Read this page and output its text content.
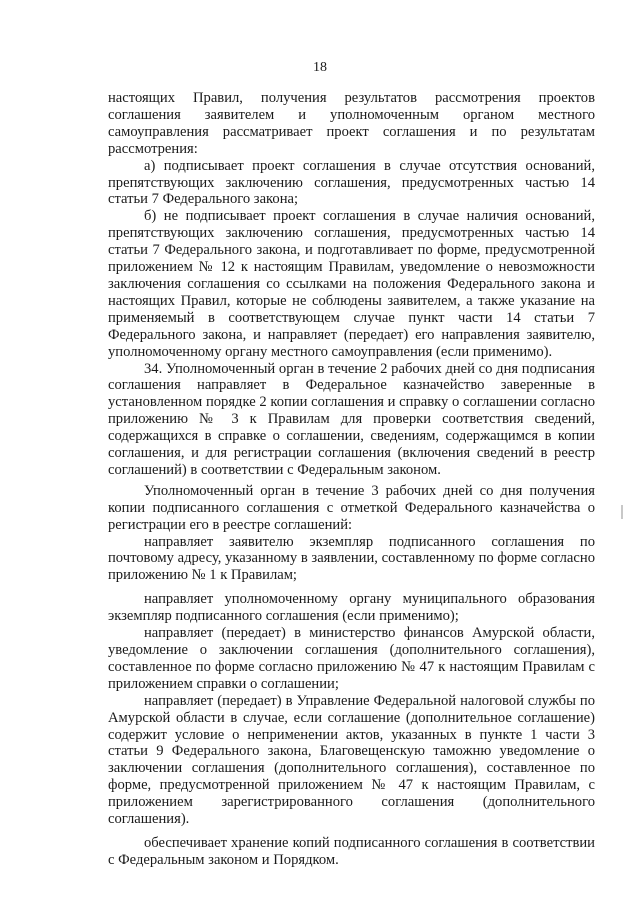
18

настоящих Правил, получения результатов рассмотрения проектов соглашения заявителем и уполномоченным органом местного самоуправления рассматривает проект соглашения и по результатам рассмотрения:

а) подписывает проект соглашения в случае отсутствия оснований, препятствующих заключению соглашения, предусмотренных частью 14 статьи 7 Федерального закона;

б) не подписывает проект соглашения в случае наличия оснований, препятствующих заключению соглашения, предусмотренных частью 14 статьи 7 Федерального закона, и подготавливает по форме, предусмотренной приложением № 12 к настоящим Правилам, уведомление о невозможности заключения соглашения со ссылками на положения Федерального закона и настоящих Правил, которые не соблюдены заявителем, а также указание на применяемый в соответствующем случае пункт части 14 статьи 7 Федерального закона, и направляет (передает) его направления заявителю, уполномоченному органу местного самоуправления (если применимо).

34. Уполномоченный орган в течение 2 рабочих дней со дня подписания соглашения направляет в Федеральное казначейство заверенные в установленном порядке 2 копии соглашения и справку о соглашении согласно приложению № 3 к Правилам для проверки соответствия сведений, содержащихся в справке о соглашении, сведениям, содержащимся в копии соглашения, и для регистрации соглашения (включения сведений в реестр соглашений) в соответствии с Федеральным законом.

Уполномоченный орган в течение 3 рабочих дней со дня получения копии подписанного соглашения с отметкой Федерального казначейства о регистрации его в реестре соглашений:

направляет заявителю экземпляр подписанного соглашения по почтовому адресу, указанному в заявлении, составленному по форме согласно приложению № 1 к Правилам;

направляет уполномоченному органу муниципального образования экземпляр подписанного соглашения (если применимо);

направляет (передает) в министерство финансов Амурской области, уведомление о заключении соглашения (дополнительного соглашения), составленное по форме согласно приложению № 47 к настоящим Правилам с приложением справки о соглашении;

направляет (передает) в Управление Федеральной налоговой службы по Амурской области в случае, если соглашение (дополнительное соглашение) содержит условие о неприменении актов, указанных в пункте 1 части 3 статьи 9 Федерального закона, Благовещенскую таможню уведомление о заключении соглашения (дополнительного соглашения), составленное по форме, предусмотренной приложением № 47 к настоящим Правилам, с приложением зарегистрированного соглашения (дополнительного соглашения).

обеспечивает хранение копий подписанного соглашения в соответствии с Федеральным законом и Порядком.
